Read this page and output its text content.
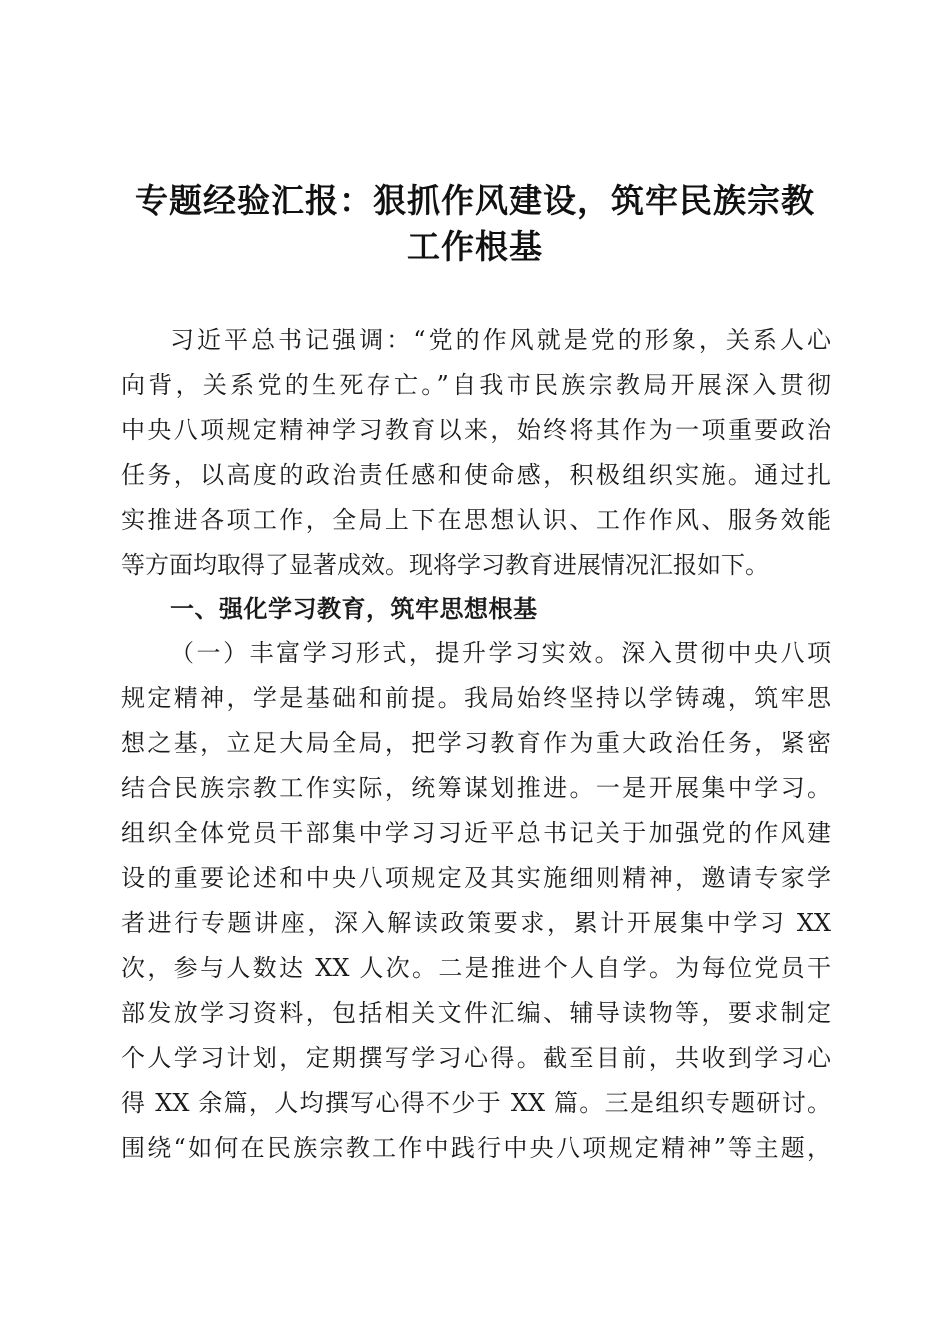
专题经验汇报：狠抓作风建设，筑牢民族宗教
工作根基
习近平总书记强调：“党的作风就是党的形象，关系人心
向背，关系党的生死存亡。”自我市民族宗教局开展深入贯彻
中央八项规定精神学习教育以来，始终将其作为一项重要政治
任务，以高度的政治责任感和使命感，积极组织实施。通过扎
实推进各项工作，全局上下在思想认识、工作作风、服务效能
等方面均取得了显著成效。现将学习教育进展情况汇报如下。
一、强化学习教育，筑牢思想根基
（一）丰富学习形式，提升学习实效。深入贯彻中央八项
规定精神，学是基础和前提。我局始终坚持以学铸魂，筑牢思
想之基，立足大局全局，把学习教育作为重大政治任务，紧密
结合民族宗教工作实际，统筹谋划推进。一是开展集中学习。
组织全体党员干部集中学习习近平总书记关于加强党的作风建
设的重要论述和中央八项规定及其实施细则精神，邀请专家学
者进行专题讲座，深入解读政策要求，累计开展集中学习 XX
次，参与人数达 XX 人次。二是推进个人自学。为每位党员干
部发放学习资料，包括相关文件汇编、辅导读物等，要求制定
个人学习计划，定期撰写学习心得。截至目前，共收到学习心
得 XX 余篇，人均撰写心得不少于 XX 篇。三是组织专题研讨。
围绕“如何在民族宗教工作中践行中央八项规定精神”等主题，
